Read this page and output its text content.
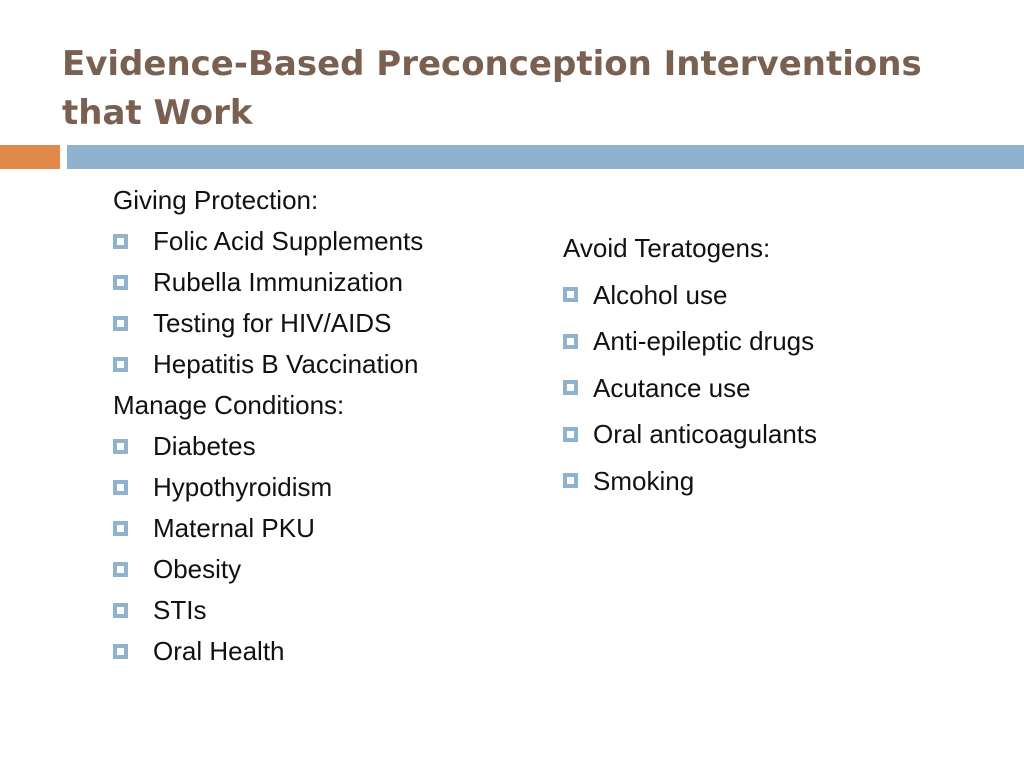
Evidence-Based Preconception Interventions
that Work
Giving Protection:
Folic Acid Supplements
Rubella Immunization
Testing for HIV/AIDS
Hepatitis B Vaccination
Manage Conditions:
Diabetes
Hypothyroidism
Maternal PKU
Obesity
STIs
Oral Health
Avoid Teratogens:
Alcohol use
Anti-epileptic drugs
Acutance use
Oral anticoagulants
Smoking
